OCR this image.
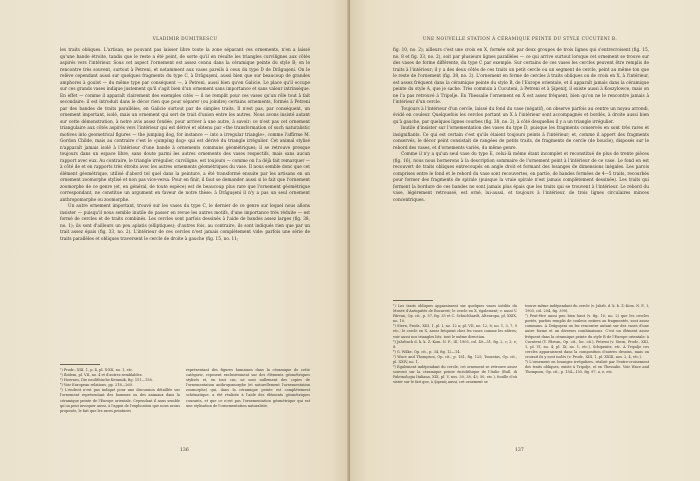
VLADIMIR DUMITRESCU

les traits obliques. L'artisan, ne pouvant pas laisser libre toute la zone séparant ces ornements, n'en a laissé qu'une bande étroite, tandis que le reste a été peint, de sorte qu'il en résulte les triangles curvilignes aux côtés aspirés vers l'intérieur. Sous cet aspect l'ornement est assez connu dans la céramique peinte du style B; on le rencontre très souvent, surtout à Petreni, et notamment aux vases pareils à ceux du type D de Drăguşeni. On le relève cependant aussi sur quelques fragments du type C, à Drăguşeni, aussi bien que sur beaucoup de grandes amphores à goulot — du même type par conséquent —, à Petreni, aussi bien qu'en Galicie. Le place qu'il occupe sur ces grands vases indique justement qu'il s'agit bien d'un ornement sans importance et sans valeur intrinsèque. En effet — comme il apparaît clairement des exemples cités — il ne remplit pour ces vases qu'un rôle tout à fait secondaire: il est introduit dans le décor rien que pour séparer (ou joindre) certains ornements, formés à Petreni par des bandes de traits parallèles, en Galicie surtout par de simples traits. Il n'est pas, par conséquent, un ornement important, isolé, mais un ornement qui sert de trait d'union entre les autres. Nous avons insisté autant sur cette démonstration, à notre avis assez fondée, pour arriver à une autre, à savoir: ce n'est pas cet ornement triangulaire aux côtés aspirés vers l'intérieur qui est dérivé et obtenu par «the transformation of such naturalistic motives into geometrical figures — the jumping dog, for instance — into a irregular triangle», comme l'affirme M. Gordon Childe, mais au contraire c'est le «jumping dog» qui est dérivé du triangle irrégulier. Cet animal stylisé n'apparaît jamais isolé à l'intérieur d'une bande à ornements communs géométriques; il se retrouve presque toujours dans un espace libre, sans doute parmi les autres ornements des vases respectifs, mais sans aucun rapport avec eux. Au contraire, le triangle irrégulier, curviligne, est toujours — comme on l'a déjà fait remarquer — à côté de et en rapports très étroits avec les autres ornements géométriques du vase. Il nous semble donc que cet élément géométrique, utilisé d'abord tel quel dans la peinture, a été transformé ensuite par les artisans en un ornement zoomorphe stylisé et non pas vice-versa. Pour en finir, il faut se demander aussi si le fait que l'ornement zoomorphe de ce genre (et, en général, de toute espèce) est de beaucoup plus rare que l'ornement géométrique correspondant, ne constitue un argument en faveur de notre thèse: à Drăguşeni il n'y a pas un seul ornement anthropomorphe ou zoomorphe.

Un autre ornement important, trouvé sur les vases du type C, le dernier de ce genre sur lequel nous allons insister — puisqu'il nous semble inutile de passer en revue les autres motifs, d'une importance très réduite — est formé de cercles et de traits combinés. Les cercles sont parfois dessinés à l'aide de bandes assez larges (fig. 38, no. 1); ils sont d'ailleurs un peu aplatis (elliptiques); d'autres fois, au contraire, ils sont indiqués rien que par un trait assez épais (fig. 33, no. 2). L'intérieur de ces cercles n'est jamais complètement vide: parfois une série de traits parallèles et obliques traversent le cercle de droite à gauche (fig. 15, no. 11;

¹) Prodr., XIII, 1, p. 4, pl. X-XII, no. 1, etc.

²) Ibidem, pl. VII, no. 4 et d'autres semblables.

³) Hoernes, Die neolithische Keramik, fig. 151—158.

⁴) Voir European relations, pp. 218—260.

⁵) L'endroit n'est pas indiqué pour une discussion détaillée sur l'ornement représentant des hommes ou des animaux dans la céramique peinte de l'Europe orientale. Cependant il nous semble qu'on peut invoquer aussi, à l'appui de l'explication que nous avons proposée, le fait que les rares peintures

représentant des figures humaines dans la céramique de cette catégorie, reposent exclusivement sur des éléments géométriques stylisés et, en tout cas, ne sont nullement des copies de l'ornementation anthropomorphe (et naturellement l'ornementation zoomorphe) qui, dans la céramique peinte est complètement schématique, a été réalisée à l'aide des éléments géométriques courants, et que ce n'est pas l'ornementation géométrique qui est une stylisation de l'ornementation naturaliste.

136
UNE NOUVELLE STATION À CÉRAMIQUE PEINTE DU STYLE CUCUTENI B.

fig. 10, no. 2); ailleurs c'est une croix en X, formée soit par deux groupes de trois lignes qui s'entrecroisent (fig. 15, no. 8 et fig. 33, no. 2), soit par plusieurs lignes parallèles — ce qui arrive surtout lorsque cet ornement se trouve sur des vases de forme différente, du type C par exemple. Sur certains de ces vases les cercles peuvent être remplis de traits à l'intérieur; il y a des deux côtés de ces traits un petit cercle ou un segment de cercle, peint au même ton que le reste de l'ornement (fig. 38, no. 2). L'ornement en forme de cercles à traits obliques ou de croix en X, à l'intérieur, est assez fréquent dans la céramique peinte du style B, de l'Europe orientale, et il apparaît jamais dans la céramique peinte du style A, que je sache. Très commun à Cucuteni, à Petreni et à Şipeniţ, il existe aussi à Koszylowce, mais on ne l'a pas retrouvé à Tripolje. En Thessalie l'ornement en X est assez fréquent, bien qu'on ne le rencontre jamais à l'intérieur d'un cercle.

Toujours à l'intérieur d'un cercle, laissé du fond du vase (négatif), on observe parfois au centre un noyau arrondi, évidé en couleur. Quelquefois les cercles portant un X à l'intérieur sont accompagnés et bordés, à droite aussi bien qu'à gauche, par quelques lignes courbes (fig. 38, no. 2), à côté desquelles il y a un triangle irrégulier.

Inutile d'insister sur l'ornementation des vases du type D, puisque les fragments conservés en sont très rares et insignifiants. Ce qui est certain c'est qu'ils étaient toujours peints à l'intérieur; et, comme il appert des fragments conservés, le décor peint consistait de rangées de petits traits, de fragments de cercle (de boucle), disposés sur le rebord des vases, et d'ornements variés, du même genre.

Comme il n'y a qu'un seul vase du type E, celui-là même étant incomplet et reconstitué de plus de trente pièces (fig. 16), nous nous bornerons à la description sommaire de l'ornement peint à l'intérieur de ce vase. Le fond en est recouvert de traits obliques entrecoupés en angle droit et formant des losanges de dimensions inégales. Les parois comprises entre le fond et le rebord du vase sont recouvertes, en partie, de bandes formées de 4—5 traits, recourbés pour former des fragments de spirale (puisque la vraie spirale n'est jamais complètement dessinée). Les traits qui forment la bordure de ces bandes ne sont jamais plus épais que les traits qui se trouvent à l'intérieur. Le rebord du vase, légèrement retroussé, est orné, lui-aussi, et toujours à l'intérieur, de trois lignes circulaires minces concentriques.

¹) Les traits obliques apparaissent sur quelques vases inédits du Musée d'Antiquités de Bucarest; le cercle en X, également; v. aussi V. Pârvan, Op. cit., p. 57, fig. 35 et C. Schuchhardt, Alteuropa, pl. XXIX, no. 10.

²) Stern, Prodr., XIII, 1, pl. I, no. 12 a; pl. VII, no. 12, 8; no. 1, 3, 7, 9 etc.; le cercle en X, assez fréquent chez les vases comme les nôtres; voir aussi nos triangles liés, tout le même direction.

³) Jahrbuch d. k. k. Z.-Kom. N. F., III, 1905, col. 49—51, fig. 2, c; 3, e; 8.

⁴) G. Wilke, Op. cit., p. 34, fig. 12—14.

⁵) Wace and Thompson, Op. cit., p. 161, fig. 125; Tsountas, Op. cit., pl. XXIV, no. 1.

⁶) Egalement indépendant du cercle, cet ornement se retrouve assez souvent sur la céramique peinte énéolithique de l'Italie (Bull. di Paletnologia Italiana, XIX, pl. V, nos. 30, 38, 43, 50, etc.), fouille d'où sister sur le fait que, à Şipeniţ aussi, cet ornement se

trouve même indépendant du cercle (v. Jahrb. d. k. k. Z.-Kom. N. F., I, 1903, col. 204, fig. 390).

⁷) Peut-être aussi peu bien haut (v. fig. 10, no. 2) que les cercles portés, parfois remplis de couleur, entiers ou fragmentés, sont assez communs. A Drăguşeni on les rencontre autant sur des vases d'une autre forme et un diverses combinaisons. C'est un élément assez fréquent dans la céramique peinte du style B de l'Europe orientale: à Cucuteni (V. Pârvan, Op. cit., loc. cit.), Petreni (v. Stern, Prodr., XIII, 1, pl. VI, no. 4; pl. IX, no. 1, etc.), Schipenitz, etc. A Tripolje ces cercles apparaissent dans la composition d'autres dessins, mais on croirait ils y sont isolés (v. Prodr., XIII, 1, pl. XXIII, nos. 2, 4, etc.).

⁸) L'ornement en losanges irréguliers, réalisé par l'entre-croisement des traits obliques, existe à Tripolje, et en Thessalie. Voir Wace and Thompson, Op. cit., p. 154—155, fig. 97, a, e, etc.

137
